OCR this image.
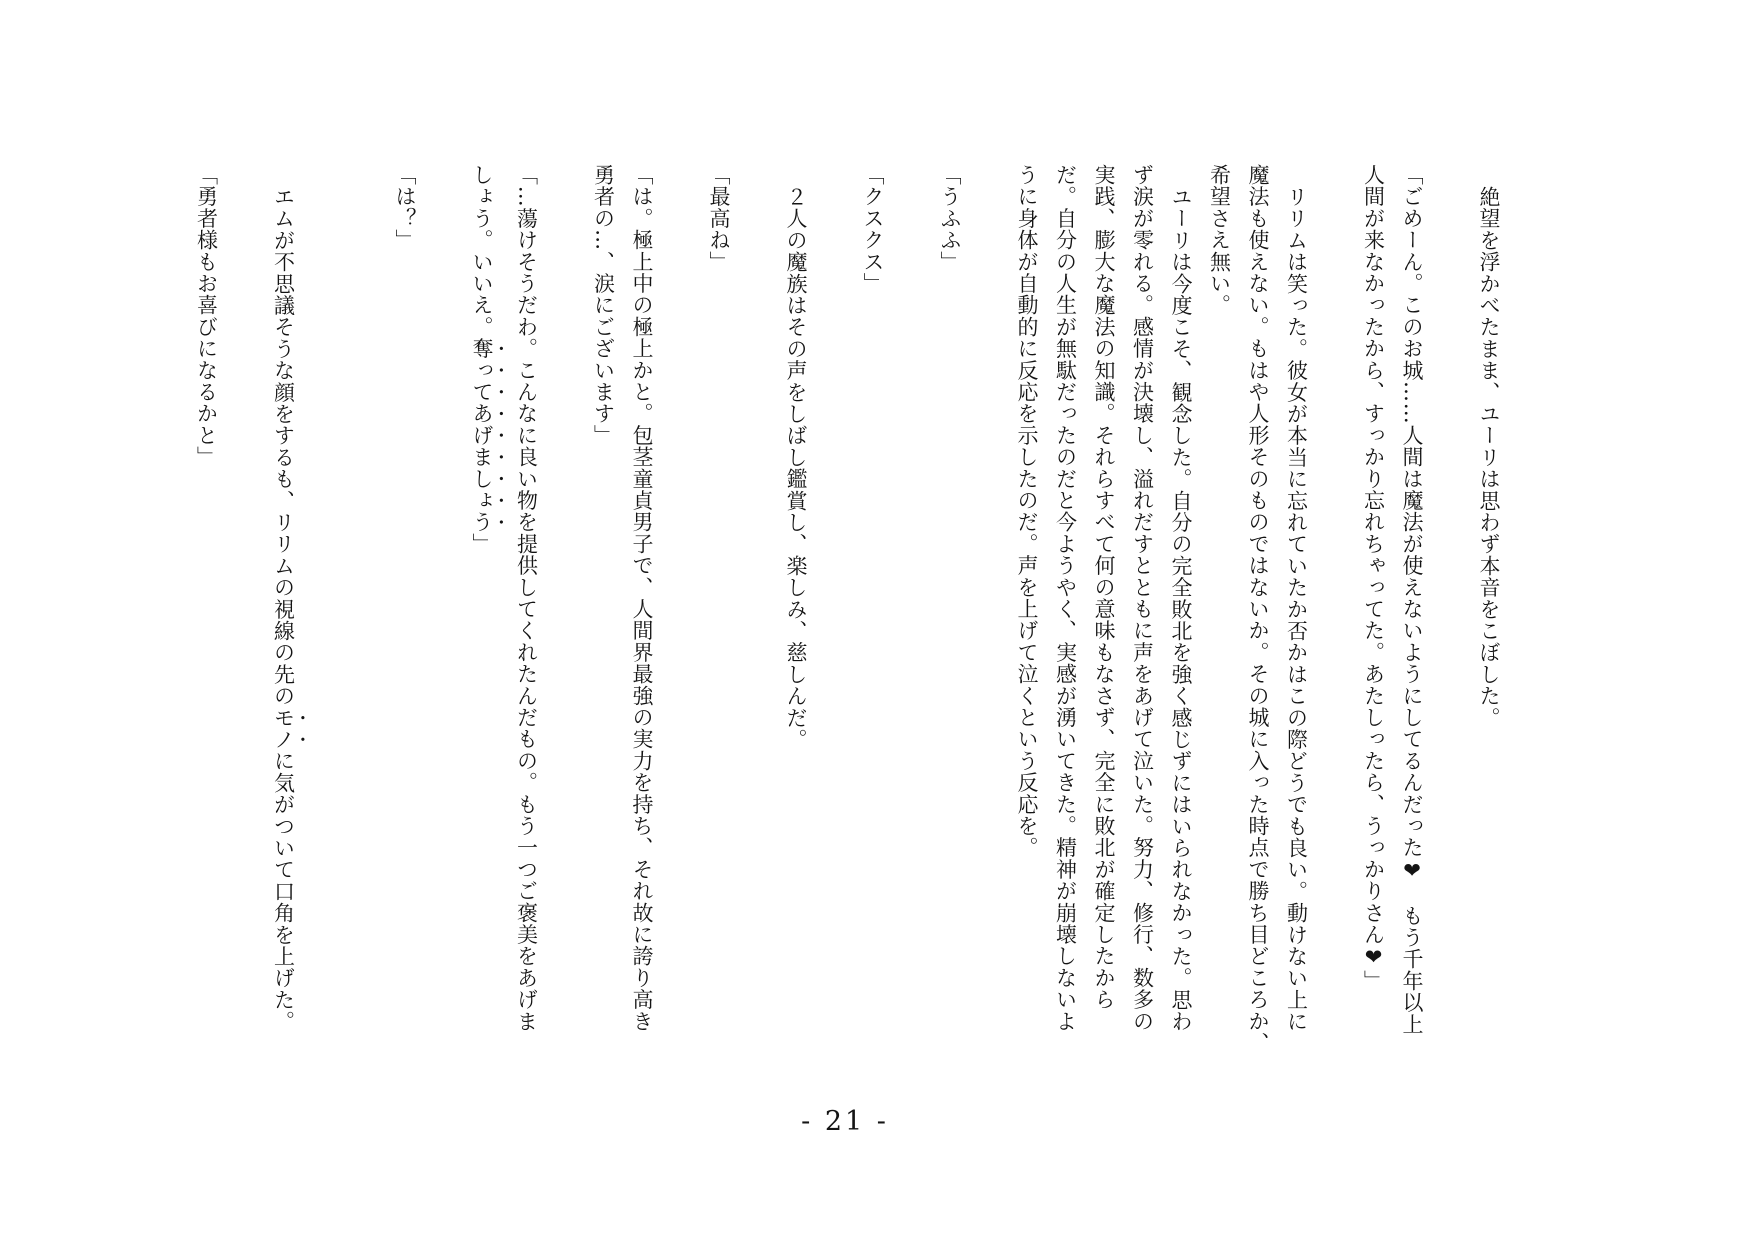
絶望を浮かべたまま、ユーリは思わず本音をこぼした。

「ごめーん。このお城……人間は魔法が使えないようにしてるんだった❤　もう千年以上

人間が来なかったから、すっかり忘れちゃってた。あたしったら、うっかりさん❤」

リリムは笑った。彼女が本当に忘れていたか否かはこの際どうでも良い。動けない上に

魔法も使えない。もはや人形そのものではないか。その城に入った時点で勝ち目どころか、

希望さえ無い。

ユーリは今度こそ、観念した。自分の完全敗北を強く感じずにはいられなかった。思わ

ず涙が零れる。感情が決壊し、溢れだすとともに声をあげて泣いた。努力、修行、数多の

実践、膨大な魔法の知識。それらすべて何の意味もなさず、完全に敗北が確定したから

だ。自分の人生が無駄だったのだと今ようやく、実感が湧いてきた。精神が崩壊しないよ

うに身体が自動的に反応を示したのだ。声を上げて泣くという反応を。

「うふふ」

「クスクス」

２人の魔族はその声をしばし鑑賞し、楽しみ、慈しんだ。

「最高ね」

「は。極上中の極上かと。包茎童貞男子で、人間界最強の実力を持ち、それ故に誇り高き

勇者の…、涙にございます」

「…蕩けそうだわ。こんなに良い物を提供してくれたんだもの。もう一つご褒美をあげま

しょう。いいえ。奪ってあげましょう」

「は？」

エムが不思議そうな顔をするも、リリムの視線の先のモノに気がついて口角を上げた。

「勇者様もお喜びになるかと」

- 21 -
